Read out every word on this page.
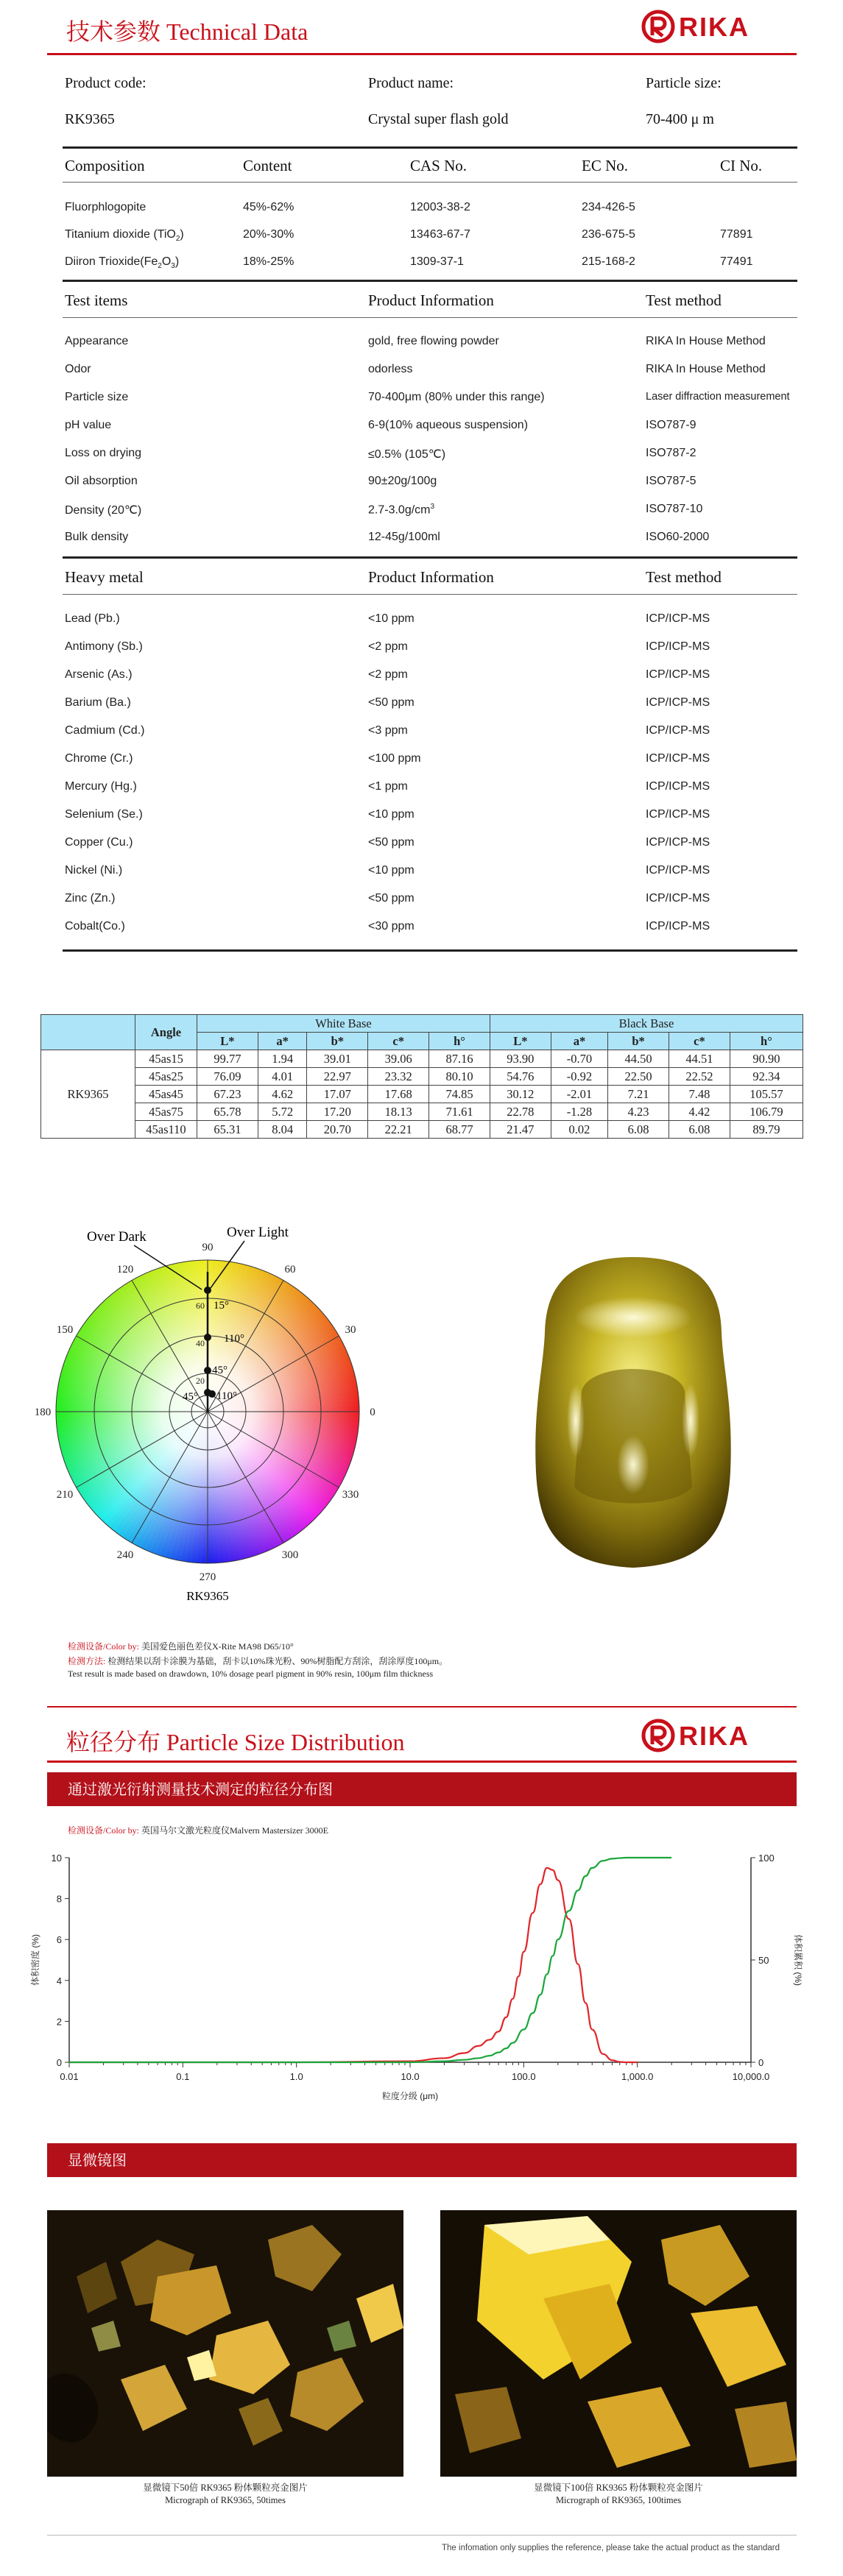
技术参数 Technical Data	RIKA
Product code:	Product name:	Particle size:
RK9365	Crystal super flash gold	70-400 μ m
Composition	Content	CAS No.	EC No.	CI No.
Fluorphlogopite	45%-62%	12003-38-2	234-426-5
Titanium dioxide (TiO$_2$)	20%-30%	13463-67-7	236-675-5	77891
Diiron $Trioxide(Fe_2O_3)$	18%-25%	1309-37-1	215-168-2	77491
Test items	Product Information	Test method
Appearance	gold, free flowing powder	RIKA In House Method
Odor	odorless	RIKA In House Method
Particle size	70-400μm (80% under this range)	Laser diffraction measurement
pH value	6-9(10% aqueous suspension)	ISO787-9
Loss on drying	≤0.5% (105℃)	ISO787-2
Oil absorption	90±20g/100g	ISO787-5
Density (20℃)	$2.7-3.0g/cm^3$	ISO787-10
Bulk density	12-45g/100ml	ISO60-2000
Heavy metal	Product Information	Test method
Lead (Pb.)	<10 ppm	ICP/ICP-MS
Antimony (Sb.)	<2 ppm	ICP/ICP-MS
Arsenic (As.)	<2 ppm	ICP/ICP-MS
Barium (Ba.)	<50 ppm	ICP/ICP-MS
Cadmium (Cd.)	<3 ppm	ICP/ICP-MS
Chrome (Cr.)	<100 ppm	ICP/ICP-MS
Mercury (Hg.)	<1 ppm	ICP/ICP-MS
Selenium (Se.)	<10 ppm	ICP/ICP-MS
Copper (Cu.)	<50 ppm	ICP/ICP-MS
Nickel (Ni.)	<10 ppm	ICP/ICP-MS
Zinc (Zn.)	<50 ppm	ICP/ICP-MS
Cobalt(Co.)	<30 ppm	ICP/ICP-MS
	Angle	White Base					Black Base				
		L*	a*	b*	c*	h°	L*	a*	b*	c*	h°
RK9365	45as15	99.77	1.94	39.01	39.06	87.16	93.90	-0.70	44.50	44.51	90.90
	45as25	76.09	4.01	22.97	23.32	80.10	54.76	-0.92	22.50	22.52	92.34
	45as45	67.23	4.62	17.07	17.68	74.85	30.12	-2.01	7.21	7.48	105.57
	45as75	65.78	5.72	17.20	18.13	71.61	22.78	-1.28	4.23	4.42	106.79
	45as110	65.31	8.04	20.70	22.21	68.77	21.47	0.02	6.08	6.08	89.79
90
60
30
0
330
300
270
240
210
180
150
120
60
40
20
15°
110°
45°
45° 110°
Over Dark	Over Light
RK9365
检测设备/Color by: 美国爱色丽色差仪X-Rite MA98 D65/10°
检测方法: 检测结果以刮卡涂膜为基础，刮卡以10%珠光粉、90%树脂配方刮涂，刮涂厚度100μm。
Test result is made based on drawdown, 10% dosage pearl pigment in 90% resin, 100μm film thickness
粒径分布 Particle Size Distribution	RIKA
通过激光衍射测量技术测定的粒径分布图
检测设备/Color by: 英国马尔文激光粒度仪Malvern Mastersizer 3000E
0.01	0.1	1.0	10.0	100.0	1,000.0	10,000.0
0
2
4
6
8
10
0
50
100
粒度分级 (μm)
体积密度 (%)	体积累积 (%)
显微镜图
显微镜下50倍 RK9365 粉体颗粒亮金图片
Micrograph of RK9365, 50times
显微镜下100倍 RK9365 粉体颗粒亮金图片
Micrograph of RK9365, 100times
The infomation only supplies the reference, please take the actual product as the standard
